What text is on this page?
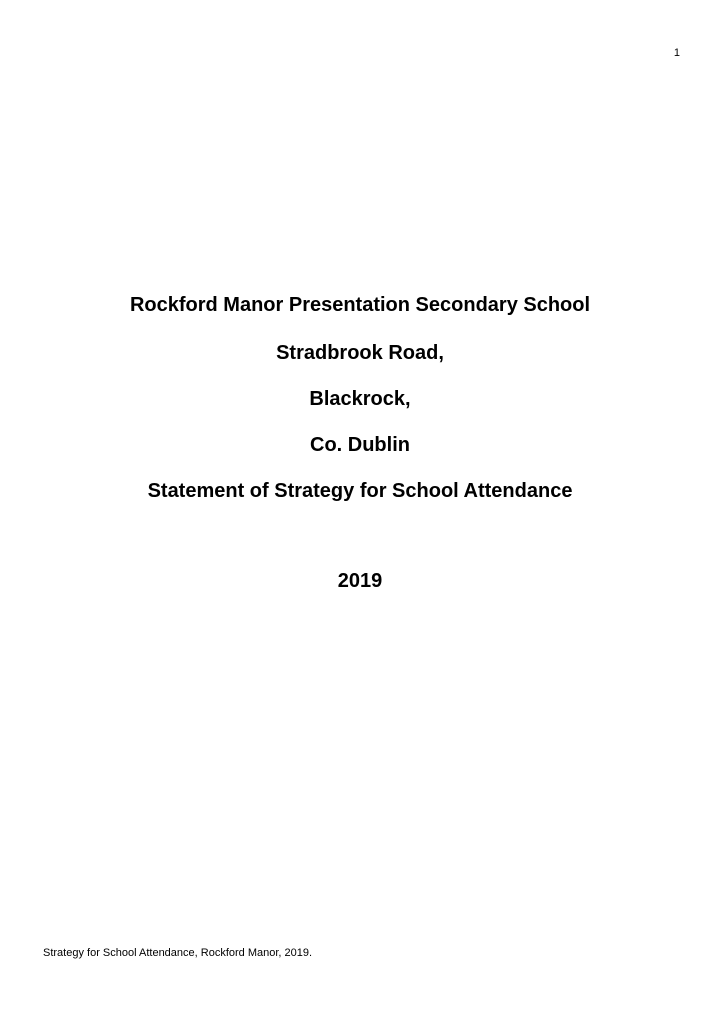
1
Rockford Manor Presentation Secondary School
Stradbrook Road,
Blackrock,
Co. Dublin
Statement of Strategy for School Attendance
2019
Strategy for School Attendance, Rockford Manor, 2019.
